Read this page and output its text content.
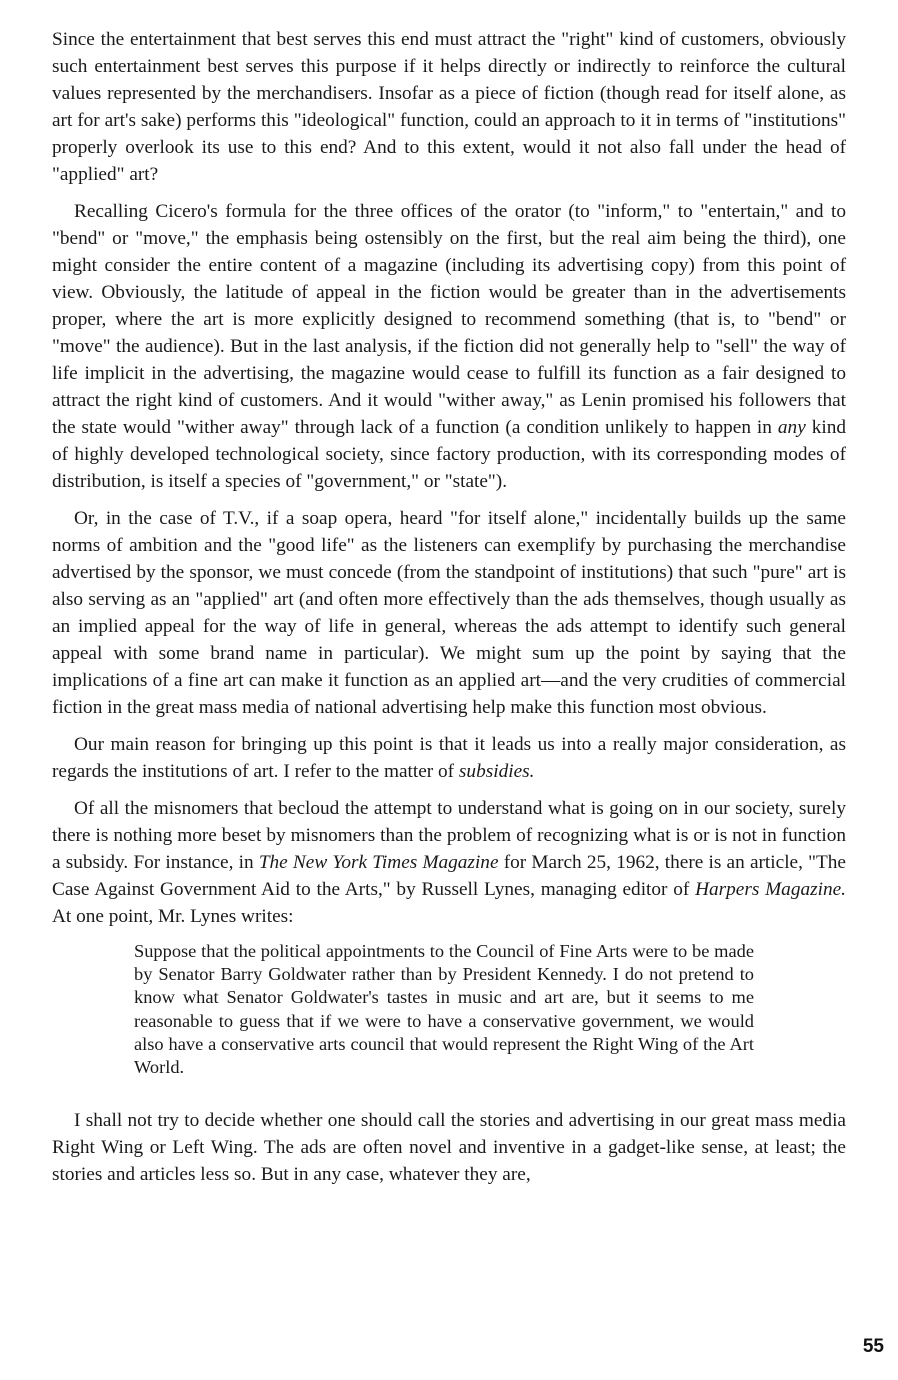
Since the entertainment that best serves this end must attract the "right" kind of customers, obviously such entertainment best serves this purpose if it helps directly or indirectly to reinforce the cultural values represented by the merchandisers. Insofar as a piece of fiction (though read for itself alone, as art for art's sake) performs this "ideological" function, could an approach to it in terms of "institutions" properly overlook its use to this end? And to this extent, would it not also fall under the head of "applied" art?

Recalling Cicero's formula for the three offices of the orator (to "inform," to "entertain," and to "bend" or "move," the emphasis being ostensibly on the first, but the real aim being the third), one might consider the entire content of a magazine (including its advertising copy) from this point of view. Obviously, the latitude of appeal in the fiction would be greater than in the advertisements proper, where the art is more explicitly designed to recommend something (that is, to "bend" or "move" the audience). But in the last analysis, if the fiction did not generally help to "sell" the way of life implicit in the advertising, the magazine would cease to fulfill its function as a fair designed to attract the right kind of customers. And it would "wither away," as Lenin promised his followers that the state would "wither away" through lack of a function (a condition unlikely to happen in any kind of highly developed technological society, since factory production, with its corresponding modes of distribution, is itself a species of "government," or "state").

Or, in the case of T.V., if a soap opera, heard "for itself alone," incidentally builds up the same norms of ambition and the "good life" as the listeners can exemplify by purchasing the merchandise advertised by the sponsor, we must concede (from the standpoint of institutions) that such "pure" art is also serving as an "applied" art (and often more effectively than the ads themselves, though usually as an implied appeal for the way of life in general, whereas the ads attempt to identify such general appeal with some brand name in particular). We might sum up the point by saying that the implications of a fine art can make it function as an applied art—and the very crudities of commercial fiction in the great mass media of national advertising help make this function most obvious.

Our main reason for bringing up this point is that it leads us into a really major consideration, as regards the institutions of art. I refer to the matter of subsidies.

Of all the misnomers that becloud the attempt to understand what is going on in our society, surely there is nothing more beset by misnomers than the problem of recognizing what is or is not in function a subsidy. For instance, in The New York Times Magazine for March 25, 1962, there is an article, "The Case Against Government Aid to the Arts," by Russell Lynes, managing editor of Harpers Magazine. At one point, Mr. Lynes writes:

Suppose that the political appointments to the Council of Fine Arts were to be made by Senator Barry Goldwater rather than by President Kennedy. I do not pretend to know what Senator Goldwater's tastes in music and art are, but it seems to me reasonable to guess that if we were to have a conservative government, we would also have a conservative arts council that would represent the Right Wing of the Art World.

I shall not try to decide whether one should call the stories and advertising in our great mass media Right Wing or Left Wing. The ads are often novel and inventive in a gadget-like sense, at least; the stories and articles less so. But in any case, whatever they are,

55
